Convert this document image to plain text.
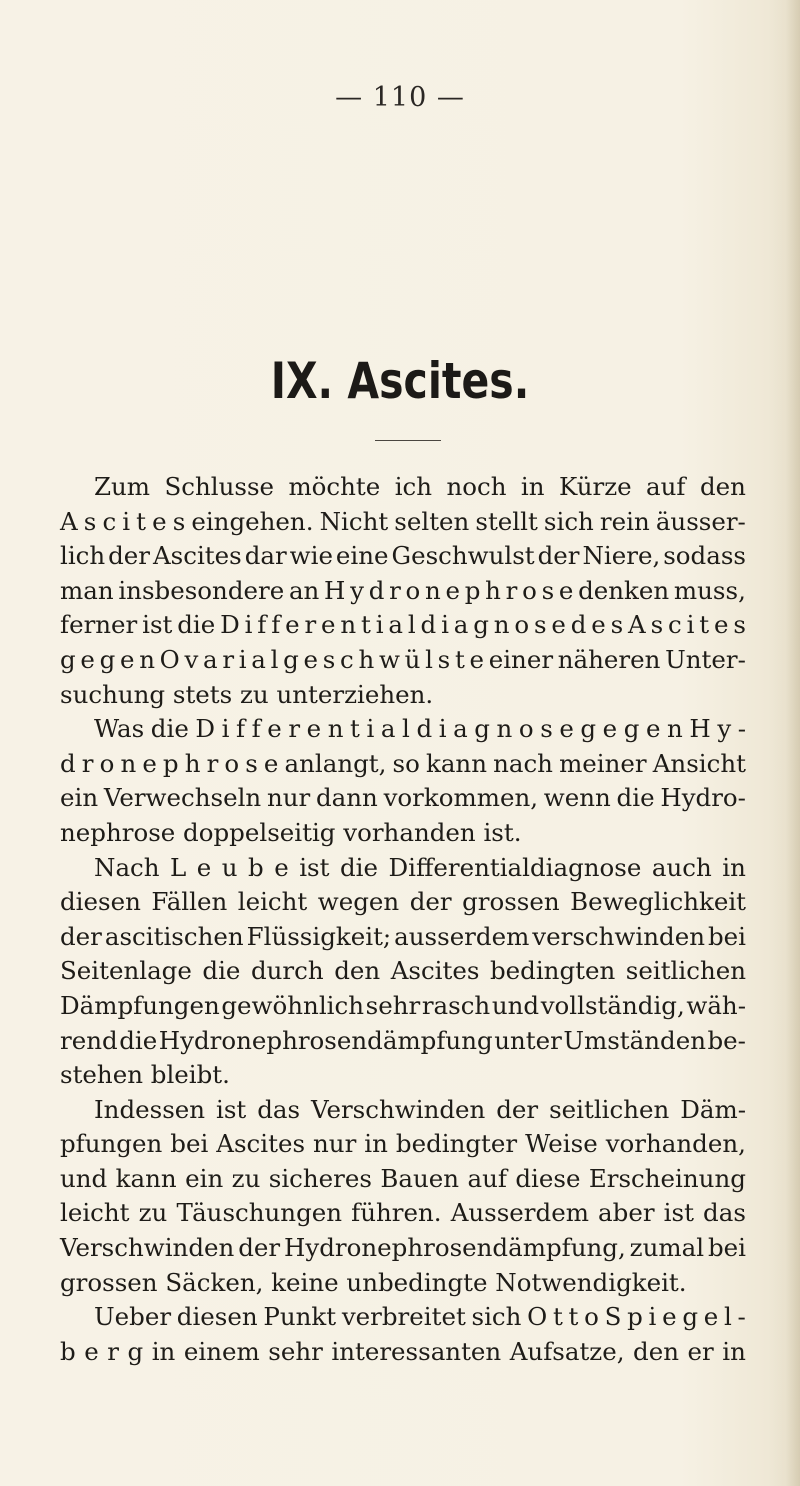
— 110 —
IX. Ascites.
Zum Schlusse möchte ich noch in Kürze auf den
A s c i t e s eingehen. Nicht selten stellt sich rein äusser-
lich der Ascites dar wie eine Geschwulst der Niere, sodass
man insbesondere an H y d r o n e p h r o s e denken muss,
ferner ist die D i f f e r e n t i a l d i a g n o s e d e s A s c i t e s
g e g e n O v a r i a l g e s c h w ü l s t e einer näheren Unter-
suchung stets zu unterziehen.
Was die D i f f e r e n t i a l d i a g n o s e g e g e n H y -
d r o n e p h r o s e anlangt, so kann nach meiner Ansicht
ein Verwechseln nur dann vorkommen, wenn die Hydro-
nephrose doppelseitig vorhanden ist.
Nach L e u b e ist die Differentialdiagnose auch in
diesen Fällen leicht wegen der grossen Beweglichkeit
der ascitischen Flüssigkeit; ausserdem verschwinden bei
Seitenlage die durch den Ascites bedingten seitlichen
Dämpfungen gewöhnlich sehr rasch und vollständig, wäh-
rend die Hydronephrosendämpfung unter Umständen be-
stehen bleibt.
Indessen ist das Verschwinden der seitlichen Däm-
pfungen bei Ascites nur in bedingter Weise vorhanden,
und kann ein zu sicheres Bauen auf diese Erscheinung
leicht zu Täuschungen führen. Ausserdem aber ist das
Verschwinden der Hydronephrosendämpfung, zumal bei
grossen Säcken, keine unbedingte Notwendigkeit.
Ueber diesen Punkt verbreitet sich O t t o S p i e g e l -
b e r g in einem sehr interessanten Aufsatze, den er in
